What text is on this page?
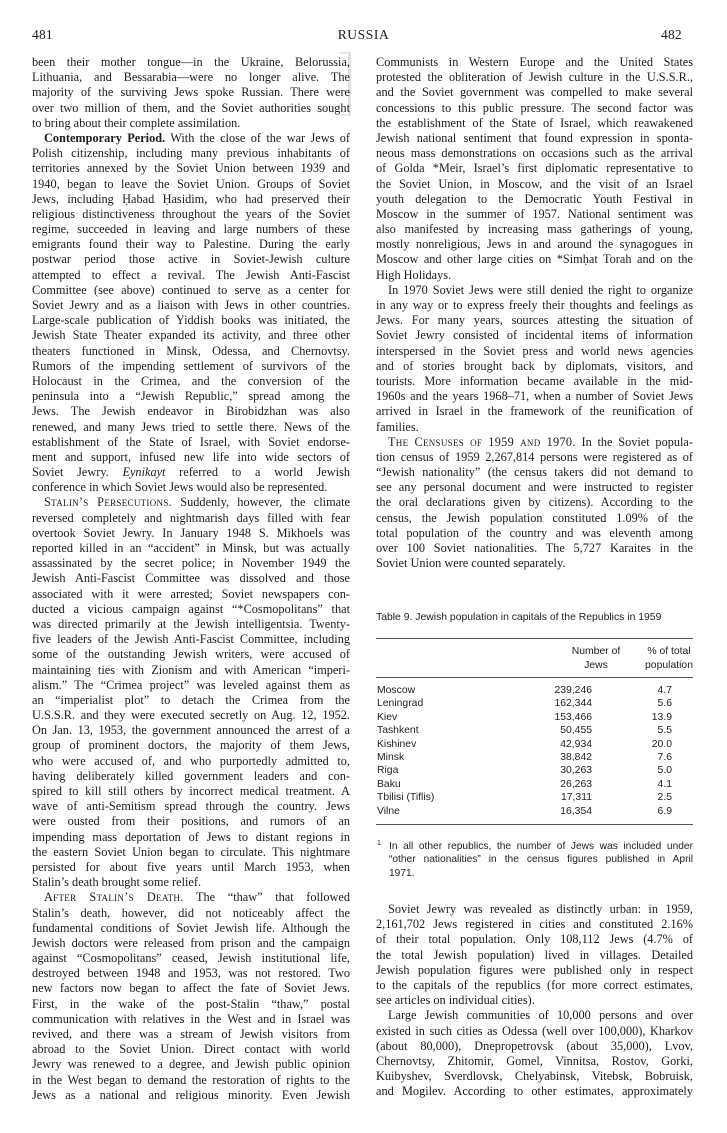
481	RUSSIA	482
been their mother tongue—in the Ukraine, Belorussia,
Lithuania, and Bessarabia—were no longer alive. The
majority of the surviving Jews spoke Russian. There were
over two million of them, and the Soviet authorities sought
to bring about their complete assimilation.
Contemporary Period. With the close of the war Jews of
Polish citizenship, including many previous inhabitants of
territories annexed by the Soviet Union between 1939 and
1940, began to leave the Soviet Union. Groups of Soviet
Jews, including Ḥabad Ḥasidim, who had preserved their
religious distinctiveness throughout the years of the Soviet
regime, succeeded in leaving and large numbers of these
emigrants found their way to Palestine. During the early
postwar period those active in Soviet-Jewish culture
attempted to effect a revival. The Jewish Anti-Fascist
Committee (see above) continued to serve as a center for
Soviet Jewry and as a liaison with Jews in other countries.
Large-scale publication of Yiddish books was initiated, the
Jewish State Theater expanded its activity, and three other
theaters functioned in Minsk, Odessa, and Chernovtsy.
Rumors of the impending settlement of survivors of the
Holocaust in the Crimea, and the conversion of the
peninsula into a “Jewish Republic,” spread among the
Jews. The Jewish endeavor in Birobidzhan was also
renewed, and many Jews tried to settle there. News of the
establishment of the State of Israel, with Soviet endorse-
ment and support, infused new life into wide sectors of
Soviet Jewry. Eynikayt referred to a world Jewish
conference in which Soviet Jews would also be represented.
Stalin’s Persecutions. Suddenly, however, the climate
reversed completely and nightmarish days filled with fear
overtook Soviet Jewry. In January 1948 S. Mikhoels was
reported killed in an “accident” in Minsk, but was actually
assassinated by the secret police; in November 1949 the
Jewish Anti-Fascist Committee was dissolved and those
associated with it were arrested; Soviet newspapers con-
ducted a vicious campaign against “*Cosmopolitans” that
was directed primarily at the Jewish intelligentsia. Twenty-
five leaders of the Jewish Anti-Fascist Committee, including
some of the outstanding Jewish writers, were accused of
maintaining ties with Zionism and with American “imperi-
alism.” The “Crimea project” was leveled against them as
an “imperialist plot” to detach the Crimea from the
U.S.S.R. and they were executed secretly on Aug. 12, 1952.
On Jan. 13, 1953, the government announced the arrest of a
group of prominent doctors, the majority of them Jews,
who were accused of, and who purportedly admitted to,
having deliberately killed government leaders and con-
spired to kill still others by incorrect medical treatment. A
wave of anti-Semitism spread through the country. Jews
were ousted from their positions, and rumors of an
impending mass deportation of Jews to distant regions in
the eastern Soviet Union began to circulate. This nightmare
persisted for about five years until March 1953, when
Stalin’s death brought some relief.
After Stalin’s Death. The “thaw” that followed
Stalin’s death, however, did not noticeably affect the
fundamental conditions of Soviet Jewish life. Although the
Jewish doctors were released from prison and the campaign
against “Cosmopolitans” ceased, Jewish institutional life,
destroyed between 1948 and 1953, was not restored. Two
new factors now began to affect the fate of Soviet Jews.
First, in the wake of the post-Stalin “thaw,” postal
communication with relatives in the West and in Israel was
revived, and there was a stream of Jewish visitors from
abroad to the Soviet Union. Direct contact with world
Jewry was renewed to a degree, and Jewish public opinion
in the West began to demand the restoration of rights to the
Jews as a national and religious minority. Even Jewish
Communists in Western Europe and the United States
protested the obliteration of Jewish culture in the U.S.S.R.,
and the Soviet government was compelled to make several
concessions to this public pressure. The second factor was
the establishment of the State of Israel, which reawakened
Jewish national sentiment that found expression in sponta-
neous mass demonstrations on occasions such as the arrival
of Golda *Meir, Israel’s first diplomatic representative to
the Soviet Union, in Moscow, and the visit of an Israel
youth delegation to the Democratic Youth Festival in
Moscow in the summer of 1957. National sentiment was
also manifested by increasing mass gatherings of young,
mostly nonreligious, Jews in and around the synagogues in
Moscow and other large cities on *Simḥat Torah and on the
High Holidays.
In 1970 Soviet Jews were still denied the right to organize
in any way or to express freely their thoughts and feelings as
Jews. For many years, sources attesting the situation of
Soviet Jewry consisted of incidental items of information
interspersed in the Soviet press and world news agencies
and of stories brought back by diplomats, visitors, and
tourists. More information became available in the mid-
1960s and the years 1968–71, when a number of Soviet Jews
arrived in Israel in the framework of the reunification of
families.
The Censuses of 1959 and 1970. In the Soviet popula-
tion census of 1959 2,267,814 persons were registered as of
“Jewish nationality” (the census takers did not demand to
see any personal document and were instructed to register
the oral declarations given by citizens). According to the
census, the Jewish population constituted 1.09% of the
total population of the country and was eleventh among
over 100 Soviet nationalities. The 5,727 Karaites in the
Soviet Union were counted separately.
Table 9. Jewish population in capitals of the Republics in 1959
Number of
Jews
% of total
population
Moscow	239,246	4.7
Leningrad	162,344	5.6
Kiev	153,466	13.9
Tashkent	50,455	5.5
Kishinev	42,934	20.0
Minsk	38,842	7.6
Riga	30,263	5.0
Baku	26,263	4.1
Tbilisi (Tiflis)	17,311	2.5
Vilne	16,354	6.9
1 In all other republics, the number of Jews was included under
“other nationalities” in the census figures published in April
1971.
Soviet Jewry was revealed as distinctly urban: in 1959,
2,161,702 Jews registered in cities and constituted 2.16%
of their total population. Only 108,112 Jews (4.7% of
the total Jewish population) lived in villages. Detailed
Jewish population figures were published only in respect
to the capitals of the republics (for more correct estimates,
see articles on individual cities).
Large Jewish communities of 10,000 persons and over
existed in such cities as Odessa (well over 100,000), Kharkov
(about 80,000), Dnepropetrovsk (about 35,000), Lvov,
Chernovtsy, Zhitomir, Gomel, Vinnitsa, Rostov, Gorki,
Kuibyshev, Sverdlovsk, Chelyabinsk, Vitebsk, Bobruisk,
and Mogilev. According to other estimates, approximately
